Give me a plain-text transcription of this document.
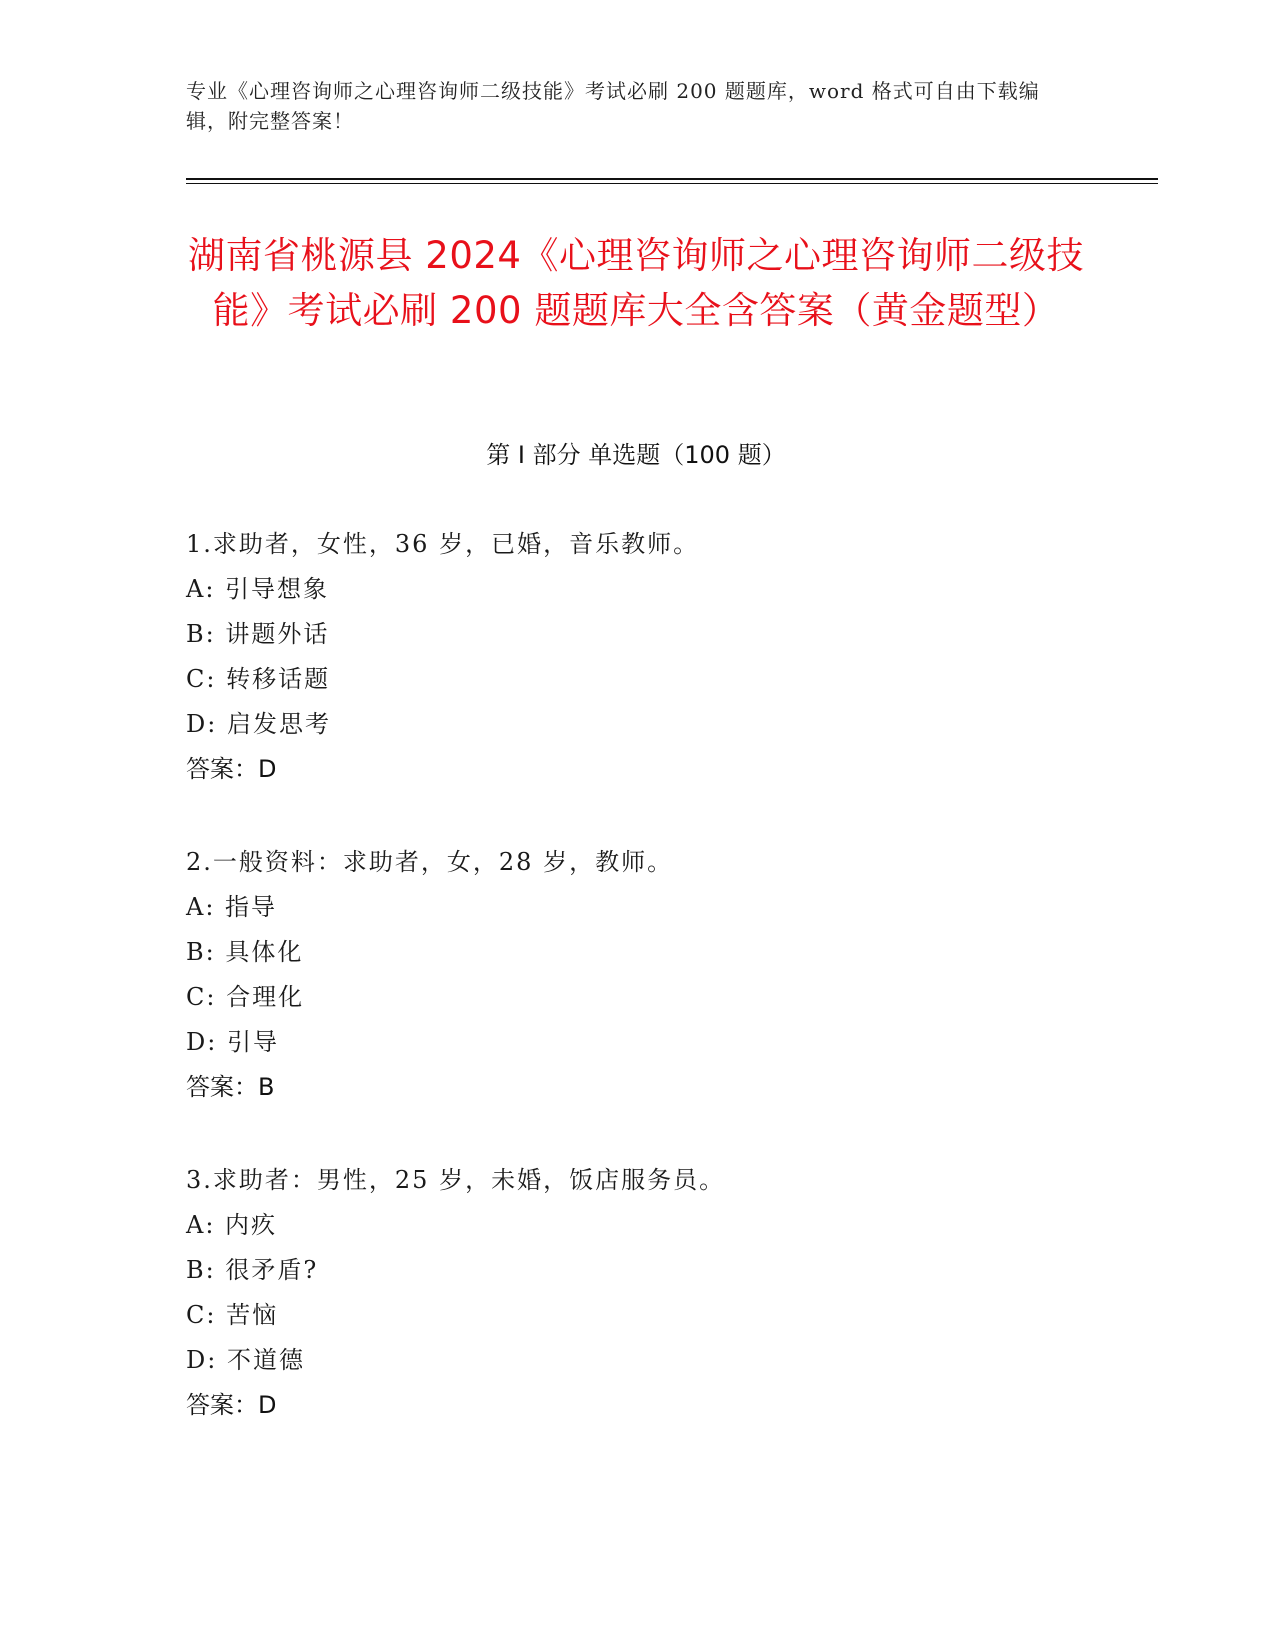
专业《心理咨询师之心理咨询师二级技能》考试必刷 200 题题库，word 格式可自由下载编辑，附完整答案！
湖南省桃源县 2024《心理咨询师之心理咨询师二级技能》考试必刷 200 题题库大全含答案（黄金题型）
第 I 部分 单选题（100 题）
1.求助者，女性，36 岁，已婚，音乐教师。
A: 引导想象
B: 讲题外话
C: 转移话题
D: 启发思考
答案：D
2.一般资料：求助者，女，28 岁，教师。
A: 指导
B: 具体化
C: 合理化
D: 引导
答案：B
3.求助者：男性，25 岁，未婚，饭店服务员。
A: 内疚
B: 很矛盾?
C: 苦恼
D: 不道德
答案：D
